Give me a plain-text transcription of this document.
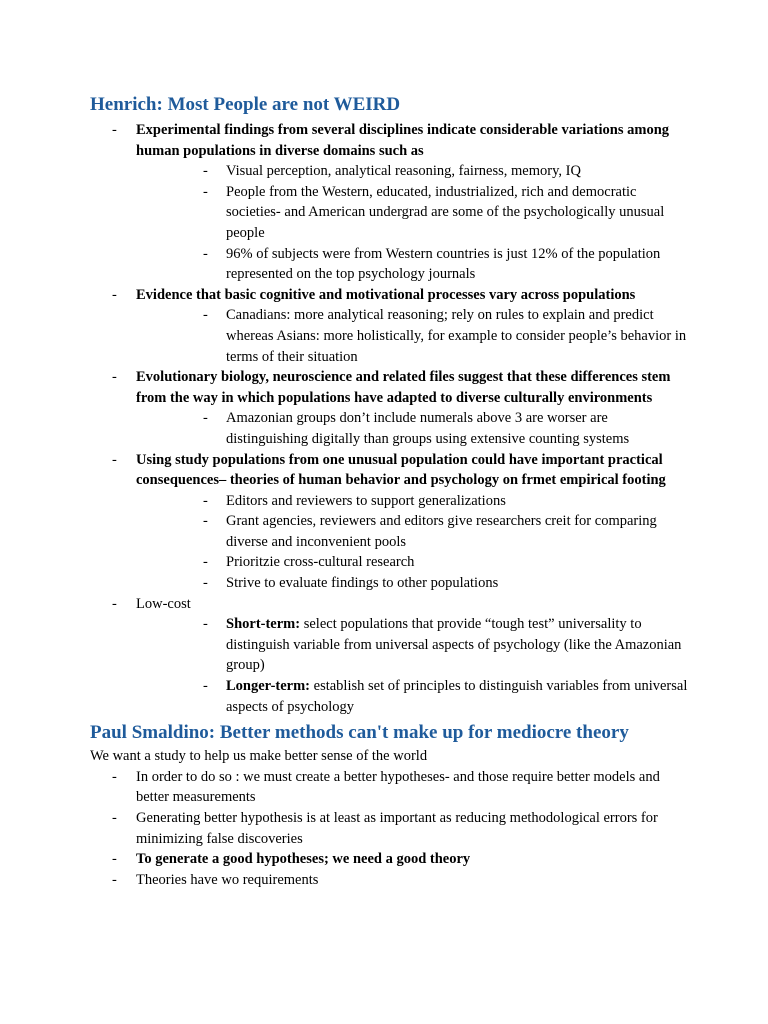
Henrich: Most People are not WEIRD
- Experimental findings from several disciplines indicate considerable variations among human populations in diverse domains such as
- Visual perception, analytical reasoning, fairness, memory, IQ
- People from the Western, educated, industrialized, rich and democratic societies- and American undergrad are some of the psychologically unusual people
- 96% of subjects were from Western countries is just 12% of the population represented on the top psychology journals
- Evidence that basic cognitive and motivational processes vary across populations
- Canadians: more analytical reasoning; rely on rules to explain and predict whereas Asians: more holistically, for example to consider people’s behavior in terms of their situation
- Evolutionary biology, neuroscience and related files suggest that these differences stem from the way in which populations have adapted to diverse culturally environments
- Amazonian groups don’t include numerals above 3 are worser are distinguishing digitally than groups using extensive counting systems
- Using study populations from one unusual population could have important practical consequences– theories of human behavior and psychology on frmet empirical footing
- Editors and reviewers to support generalizations
- Grant agencies, reviewers and editors give researchers creit for comparing diverse and inconvenient pools
- Prioritzie cross-cultural research
- Strive to evaluate findings to other populations
- Low-cost
- Short-term: select populations that provide “tough test” universality to distinguish variable from universal aspects of psychology (like the Amazonian group)
- Longer-term: establish set of principles to distinguish variables from universal aspects of psychology
Paul Smaldino: Better methods can't make up for mediocre theory

We want a study to help us make better sense of the world

- In order to do so : we must create a better hypotheses- and those require better models and better measurements
- Generating better hypothesis is at least as important as reducing methodological errors for minimizing false discoveries
- To generate a good hypotheses; we need a good theory
- Theories have wo requirements
